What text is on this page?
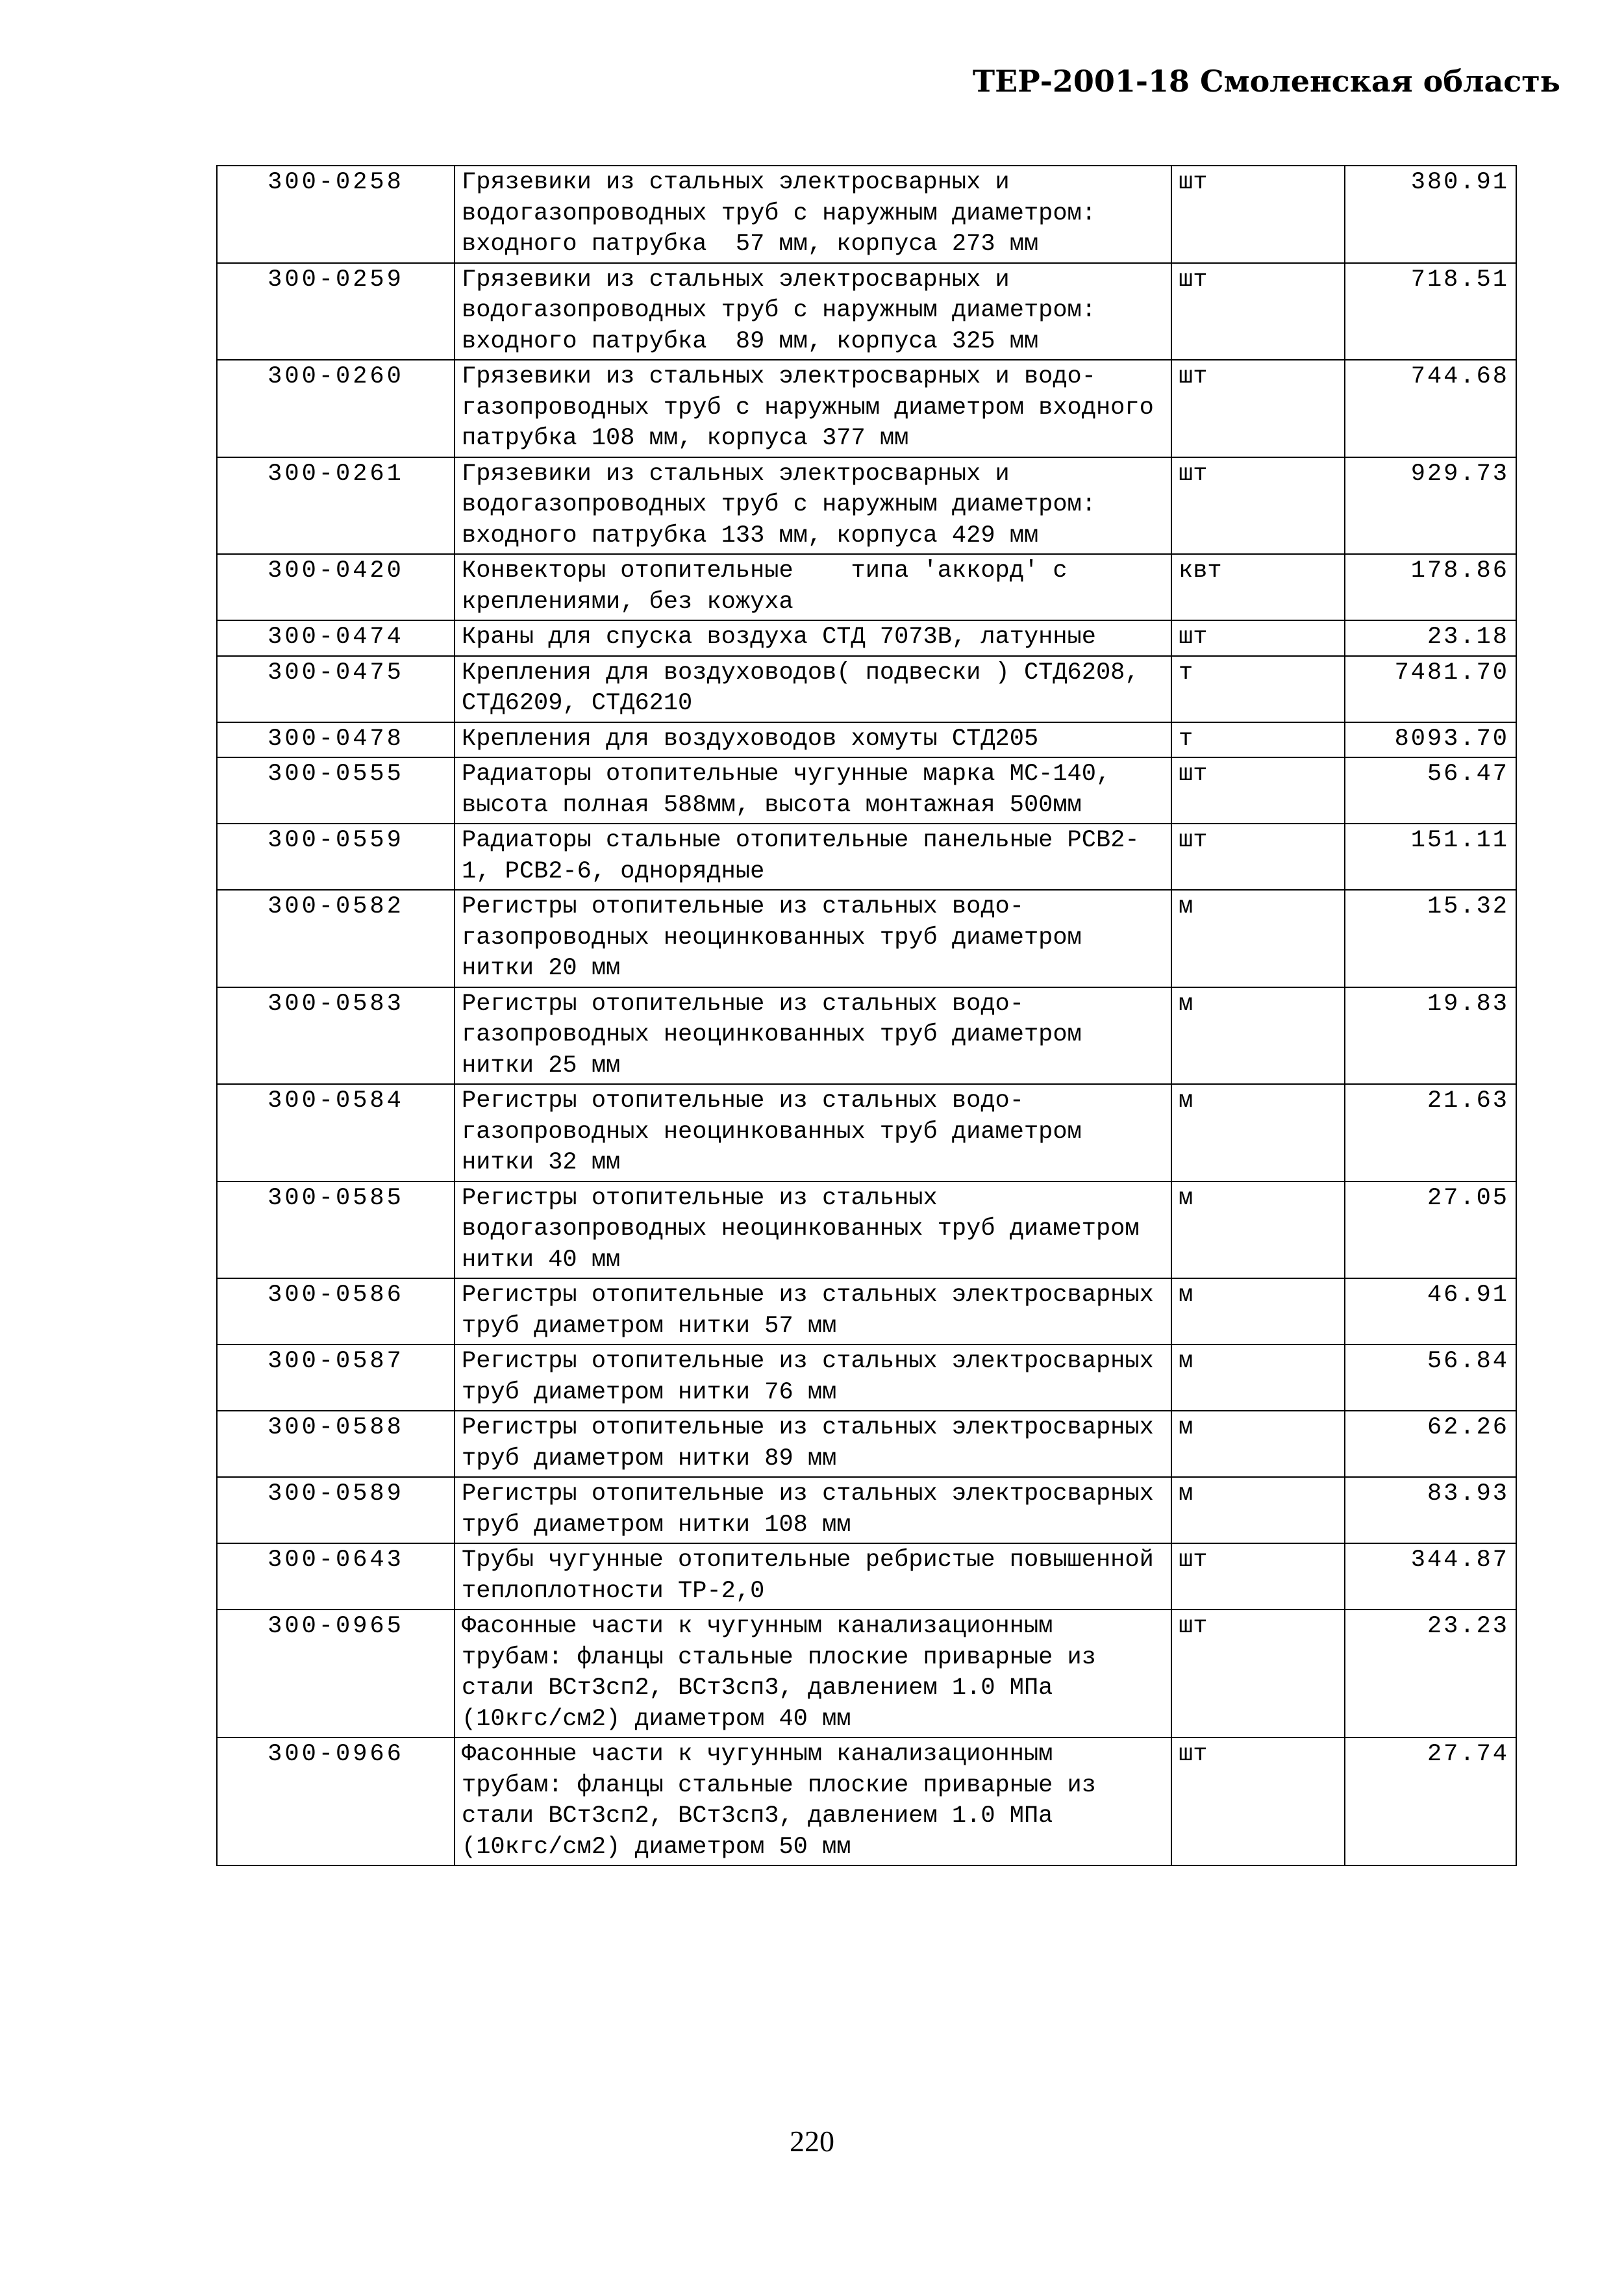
ТЕР-2001-18 Смоленская область
300-0258	Грязевики из стальных электросварных и водогазопроводных труб с наружным диаметром: входного патрубка  57 мм, корпуса 273 мм	шт	380.91
300-0259	Грязевики из стальных электросварных и водогазопроводных труб с наружным диаметром: входного патрубка  89 мм, корпуса 325 мм	шт	718.51
300-0260	Грязевики из стальных электросварных и водо-газопроводных труб с наружным диаметром входного патрубка 108 мм, корпуса 377 мм	шт	744.68
300-0261	Грязевики из стальных электросварных и водогазопроводных труб с наружным диаметром: входного патрубка 133 мм, корпуса 429 мм	шт	929.73
300-0420	Конвекторы отопительные    типа 'аккорд' с креплениями, без кожуха	квт	178.86
300-0474	Краны для спуска воздуха СТД 7073В, латунные	шт	23.18
300-0475	Крепления для воздуховодов( подвески ) СТД6208, СТД6209, СТД6210	т	7481.70
300-0478	Крепления для воздуховодов хомуты СТД205	т	8093.70
300-0555	Радиаторы отопительные чугунные марка МС-140, высота полная 588мм, высота монтажная 500мм	шт	56.47
300-0559	Радиаторы стальные отопительные панельные РСВ2-1, РСВ2-6, однорядные	шт	151.11
300-0582	Регистры отопительные из стальных водо-газопроводных неоцинкованных труб диаметром нитки 20 мм	м	15.32
300-0583	Регистры отопительные из стальных водо-газопроводных неоцинкованных труб диаметром нитки 25 мм	м	19.83
300-0584	Регистры отопительные из стальных водо-газопроводных неоцинкованных труб диаметром нитки 32 мм	м	21.63
300-0585	Регистры отопительные из стальных водогазопроводных неоцинкованных труб диаметром нитки 40 мм	м	27.05
300-0586	Регистры отопительные из стальных электросварных труб диаметром нитки 57 мм	м	46.91
300-0587	Регистры отопительные из стальных электросварных труб диаметром нитки 76 мм	м	56.84
300-0588	Регистры отопительные из стальных электросварных труб диаметром нитки 89 мм	м	62.26
300-0589	Регистры отопительные из стальных электросварных труб диаметром нитки 108 мм	м	83.93
300-0643	Трубы чугунные отопительные ребристые повышенной теплоплотности ТР-2,0	шт	344.87
300-0965	Фасонные части к чугунным канализационным трубам: фланцы стальные плоские приварные из стали ВСт3сп2, ВСт3сп3, давлением 1.0 МПа (10кгс/см2) диаметром 40 мм	шт	23.23
300-0966	Фасонные части к чугунным канализационным трубам: фланцы стальные плоские приварные из стали ВСт3сп2, ВСт3сп3, давлением 1.0 МПа (10кгс/см2) диаметром 50 мм	шт	27.74
220
